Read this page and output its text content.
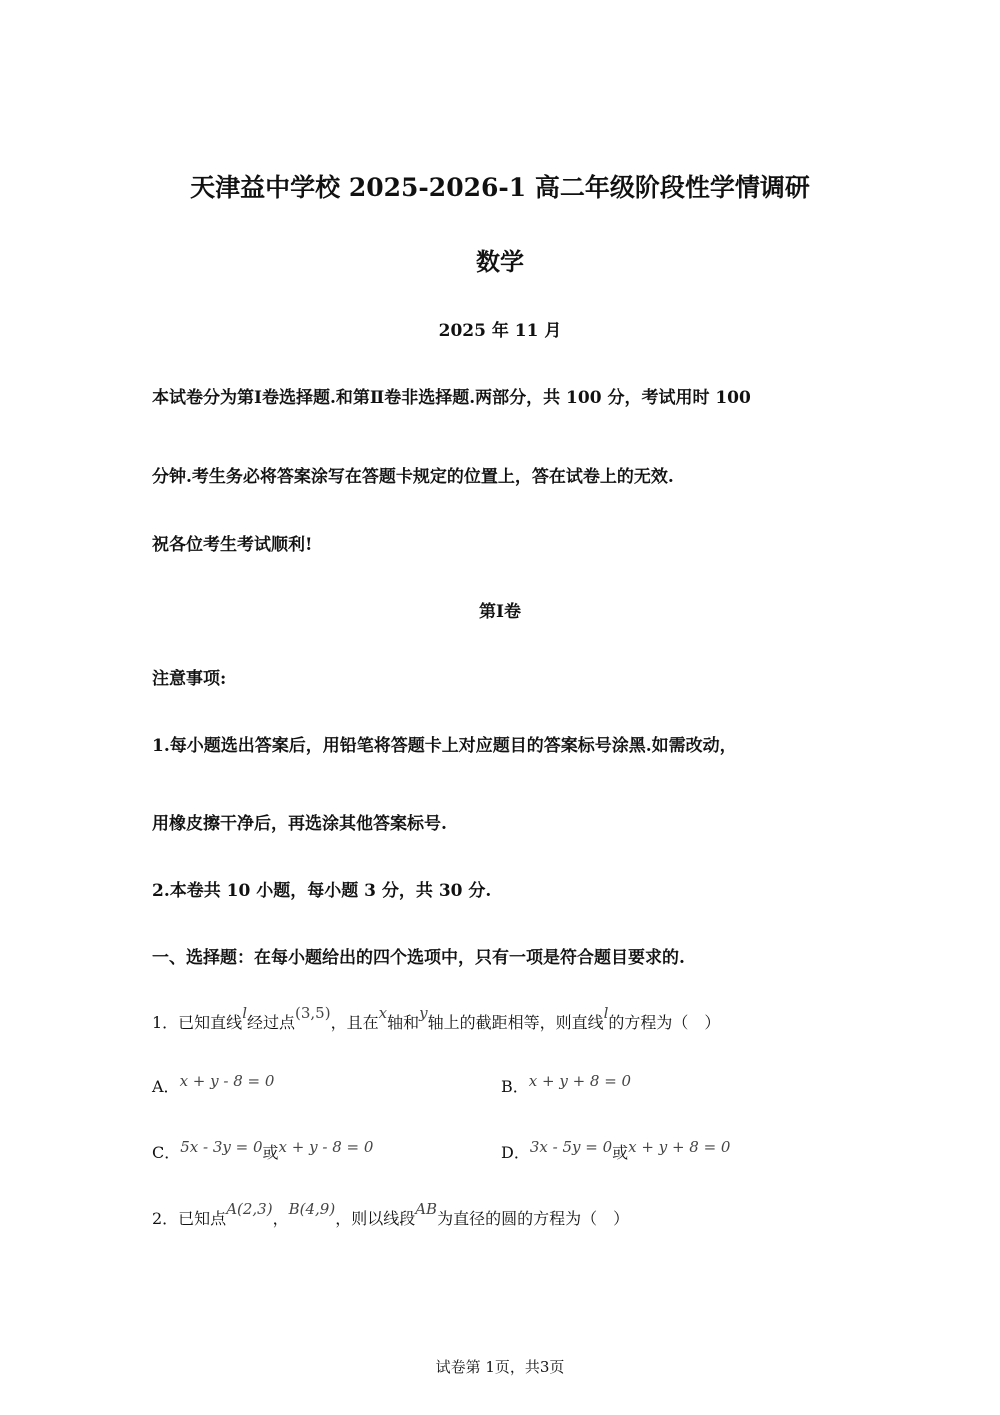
天津益中学校 2025-2026-1 高二年级阶段性学情调研
数学
2025 年 11 月
本试卷分为第Ⅰ卷选择题.和第Ⅱ卷非选择题.两部分，共 100 分，考试用时 100
分钟.考生务必将答案涂写在答题卡规定的位置上，答在试卷上的无效.
祝各位考生考试顺利!
第Ⅰ卷
注意事项:
1.每小题选出答案后，用铅笔将答题卡上对应题目的答案标号涂黑.如需改动，
用橡皮擦干净后，再选涂其他答案标号.
2.本卷共 10 小题，每小题 3 分，共 30 分.
一、选择题：在每小题给出的四个选项中，只有一项是符合题目要求的.
1．已知直线l经过点(3,5)，且在x轴和y轴上的截距相等，则直线l的方程为（　）
A．x + y - 8 = 0	B．x + y + 8 = 0
C．5x - 3y = 0或x + y - 8 = 0	D．3x - 5y = 0或x + y + 8 = 0
2．已知点A(2,3)，B(4,9)，则以线段AB为直径的圆的方程为（　）
试卷第 1页，共3页
